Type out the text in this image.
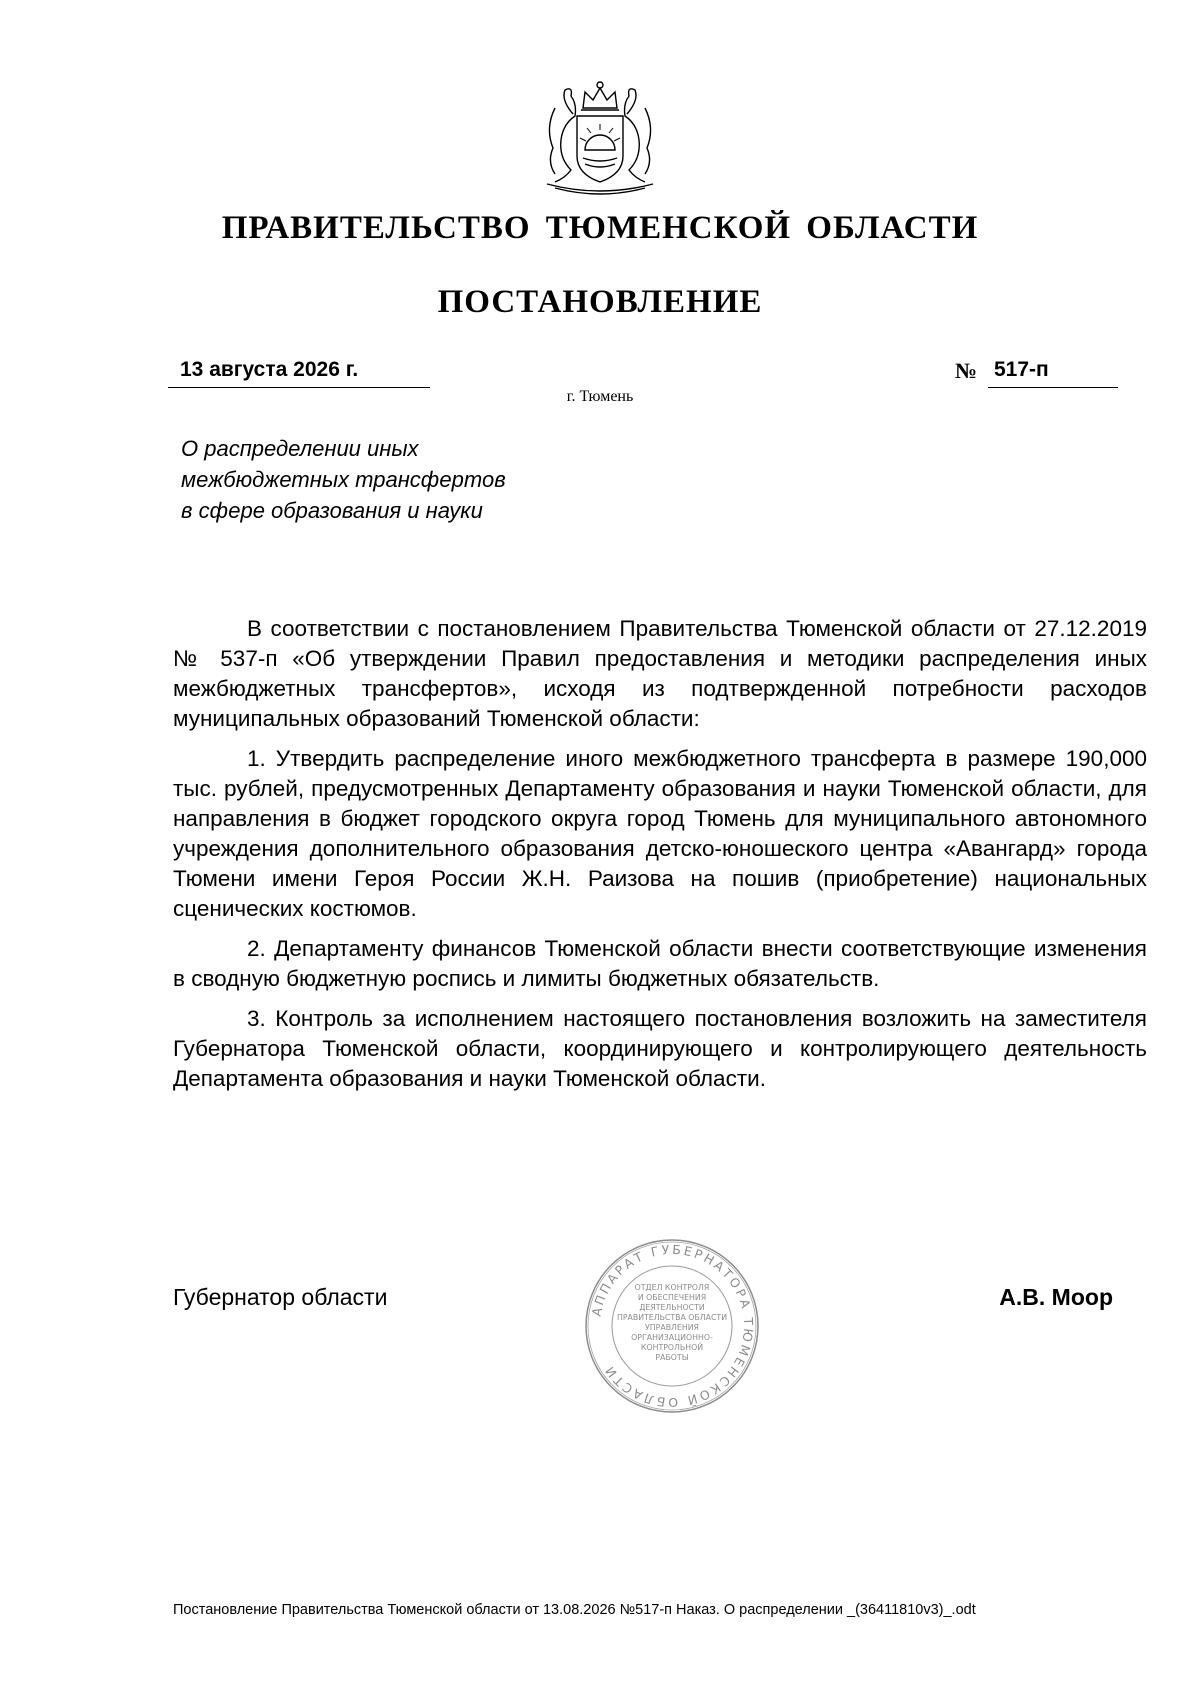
ПРАВИТЕЛЬСТВО ТЮМЕНСКОЙ ОБЛАСТИ
ПОСТАНОВЛЕНИЕ
13 августа 2026 г.	№ 517-п
г. Тюмень
О распределении иных
межбюджетных трансфертов
в сфере образования и науки

В соответствии с постановлением Правительства Тюменской области от 27.12.2019 № 537-п «Об утверждении Правил предоставления и методики распределения иных межбюджетных трансфертов», исходя из подтвержденной потребности расходов муниципальных образований Тюменской области:

1. Утвердить распределение иного межбюджетного трансферта в размере 190,000 тыс. рублей, предусмотренных Департаменту образования и науки Тюменской области, для направления в бюджет городского округа город Тюмень для муниципального автономного учреждения дополнительного образования детско-юношеского центра «Авангард» города Тюмени имени Героя России Ж.Н. Раизова на пошив (приобретение) национальных сценических костюмов.

2. Департаменту финансов Тюменской области внести соответствующие изменения в сводную бюджетную роспись и лимиты бюджетных обязательств.

3. Контроль за исполнением настоящего постановления возложить на заместителя Губернатора Тюменской области, координирующего и контролирующего деятельность Департамента образования и науки Тюменской области.

Губернатор области	А.В. Моор
АППАРАТ ГУБЕРНАТОРА ТЮМЕНСКОЙ ОБЛАСТИ
ОТДЕЛ КОНТРОЛЯ
И ОБЕСПЕЧЕНИЯ
ДЕЯТЕЛЬНОСТИ
ПРАВИТЕЛЬСТВА ОБЛАСТИ
УПРАВЛЕНИЯ
ОРГАНИЗАЦИОННО-
КОНТРОЛЬНОЙ
РАБОТЫ
Постановление Правительства Тюменской области от 13.08.2026 №517-п Наказ. О распределении _(36411810v3)_.odt
